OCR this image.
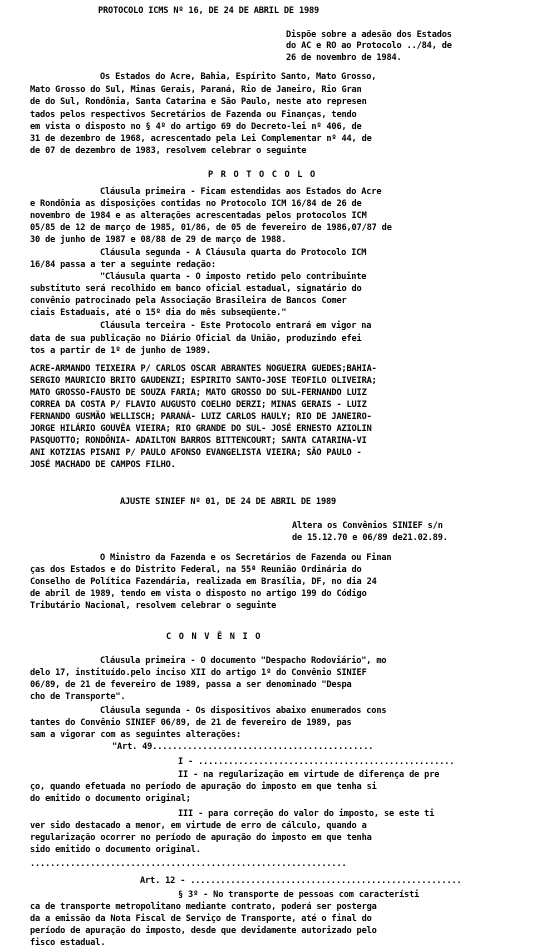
PROTOCOLO ICMS Nº 16, DE 24 DE ABRIL DE 1989
Dispõe sobre a adesão dos Estados
do AC e RO ao Protocolo ../84, de
26 de novembro de 1984.
Os Estados do Acre, Bahia, Espírito Santo, Mato Grosso,
Mato Grosso do Sul, Minas Gerais, Paraná, Rio de Janeiro, Rio Gran
de do Sul, Rondônia, Santa Catarina e São Paulo, neste ato represen
tados pelos respectivos Secretários de Fazenda ou Finanças, tendo
em vista o disposto no § 4º do artigo 69 do Decreto-lei nº 406, de
31 de dezembro de 1968, acrescentado pela Lei Complementar nº 44, de
de 07 de dezembro de 1983, resolvem celebrar o seguinte
P R O T O C O L O
Cláusula primeira - Ficam estendidas aos Estados do Acre
e Rondônia as disposições contidas no Protocolo ICM 16/84 de 26 de
novembro de 1984 e as alterações acrescentadas pelos protocolos ICM
05/85 de 12 de março de 1985, 01/86, de 05 de fevereiro de 1986,07/87 de
30 de junho de 1987 e 08/88 de 29 de março de 1988.
Cláusula segunda - A Cláusula quarta do Protocolo ICM
16/84 passa a ter a seguinte redação:
"Cláusula quarta - O imposto retido pelo contribuinte
substituto será recolhido em banco oficial estadual, signatário do
convênio patrocinado pela Associação Brasileira de Bancos Comer
ciais Estaduais, até o 15º dia do mês subseqüente."
Cláusula terceira - Este Protocolo entrará em vigor na
data de sua publicação no Diário Oficial da União, produzindo efei
tos a partir de 1º de junho de 1989.
ACRE-ARMANDO TEIXEIRA P/ CARLOS OSCAR ABRANTES NOGUEIRA GUEDES;BAHIA-
SERGIO MAURICIO BRITO GAUDENZI; ESPIRITO SANTO-JOSE TEOFILO OLIVEIRA;
MATO GROSSO-FAUSTO DE SOUZA FARIA; MATO GROSSO DO SUL-FERNANDO LUIZ
CORREA DA COSTA P/ FLAVIO AUGUSTO COELHO DERZI; MINAS GERAIS - LUIZ
FERNANDO GUSMÃO WELLISCH; PARANÁ- LUIZ CARLOS HAULY; RIO DE JANEIRO-
JORGE HILÁRIO GOUVÊA VIEIRA; RIO GRANDE DO SUL- JOSÉ ERNESTO AZIOLIN
PASQUOTTO; RONDÔNIA- ADAILTON BARROS BITTENCOURT; SANTA CATARINA-VI
ANI KOTZIAS PISANI P/ PAULO AFONSO EVANGELISTA VIEIRA; SÃO PAULO -
JOSÉ MACHADO DE CAMPOS FILHO.
AJUSTE SINIEF Nº 01, DE 24 DE ABRIL DE 1989
Altera os Convênios SINIEF s/n
de 15.12.70 e 06/89 de21.02.89.
O Ministro da Fazenda e os Secretários de Fazenda ou Finan
ças dos Estados e do Distrito Federal, na 55ª Reunião Ordinária do
Conselho de Política Fazendária, realizada em Brasília, DF, no dia 24
de abril de 1989, tendo em vista o disposto no artigo 199 do Código
Tributário Nacional, resolvem celebrar o seguinte
C O N V Ê N I O
Cláusula primeira - O documento "Despacho Rodoviário", mo
delo 17, instituído.pelo inciso XII do artigo 1º do Convênio SINIEF
06/89, de 21 de fevereiro de 1989, passa a ser denominado "Despa
cho de Transporte".
Cláusula segunda - Os dispositivos abaixo enumerados cons
tantes do Convênio SINIEF 06/89, de 21 de fevereiro de 1989, pas
sam a vigorar com as seguintes alterações:
"Art. 49............................................
I - ...................................................
II - na regularização em virtude de diferença de pre
ço, quando efetuada no período de apuração do imposto em que tenha si
do emitido o documento original;
III - para correção do valor do imposto, se este ti
ver sido destacado a menor, em virtude de erro de cálculo, quando a
regularização ocorrer no período de apuração do imposto em que tenha
sido emitido o documento original.
...............................................................
Art. 12 - ......................................................
§ 3º - No transporte de pessoas com característi
ca de transporte metropolitano mediante contrato, poderá ser posterga
da a emissão da Nota Fiscal de Serviço de Transporte, até o final do
período de apuração do imposto, desde que devidamente autorizado pelo
fisco estadual.
